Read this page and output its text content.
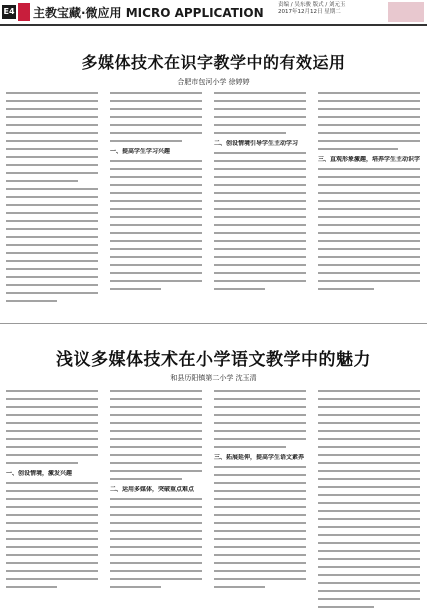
E4 主教宝藏·微应用 MICRO APPLICATION
责编 / 吴东骏 版式 / 刘元玉
2017年12月12日 星期二
多媒体技术在识字教学中的有效运用
合肥市包河小学 徐婷婷
一、提高学生学习兴趣
二、创设情境引导学生主动学习
三、直观形象激趣，培养学生主动识字
浅议多媒体技术在小学语文教学中的魅力
和县历阳镇第二小学 沈玉清
一、创设情境，激发兴趣
二、运用多媒体，突破重点难点
三、拓展延伸，提高学生语文素养
